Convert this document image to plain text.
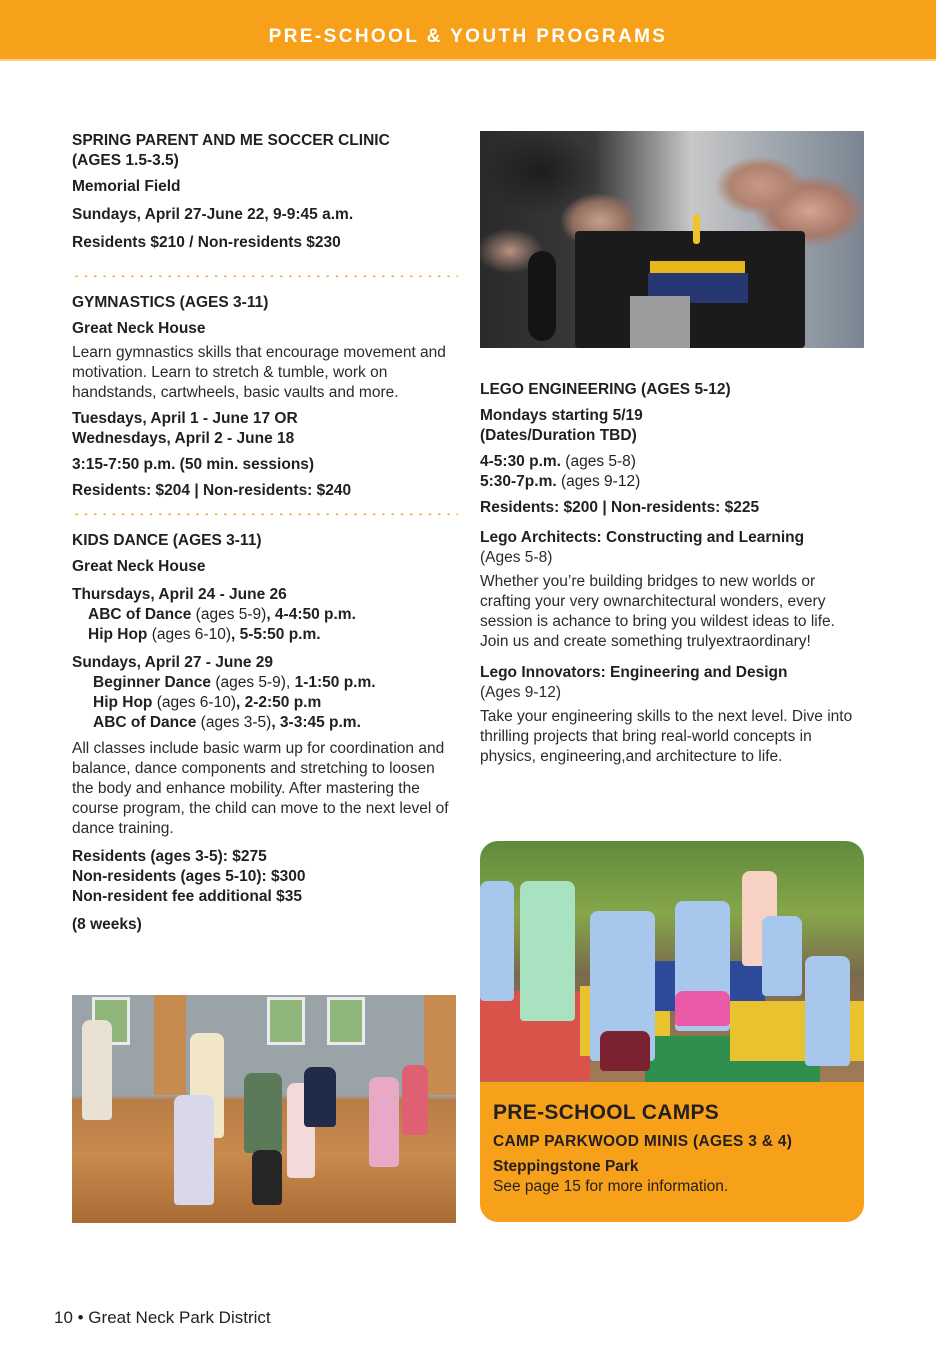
PRE-SCHOOL & YOUTH PROGRAMS
SPRING PARENT AND ME SOCCER CLINIC
(AGES 1.5-3.5)
Memorial Field
Sundays, April 27-June 22, 9-9:45 a.m.
Residents $210 / Non-residents $230
GYMNASTICS (AGES 3-11)
Great Neck House
Learn gymnastics skills that encourage movement and motivation. Learn to stretch & tumble, work on handstands, cartwheels, basic vaults and more.
Tuesdays, April 1 - June 17 OR
Wednesdays, April 2 - June 18
3:15-7:50 p.m. (50 min. sessions)
Residents: $204 | Non-residents: $240
KIDS DANCE (AGES 3-11)
Great Neck House
Thursdays, April 24 - June 26
ABC of Dance (ages 5-9), 4-4:50 p.m.
Hip Hop (ages 6-10), 5-5:50 p.m.
Sundays, April 27 - June 29
Beginner Dance (ages 5-9), 1-1:50 p.m.
Hip Hop (ages 6-10), 2-2:50 p.m
ABC of Dance (ages 3-5), 3-3:45 p.m.
All classes include basic warm up for coordination and balance, dance components and stretching to loosen the body and enhance mobility. After mastering the course program, the child can move to the next level of dance training.
Residents (ages 3-5): $275
Non-residents (ages 5-10): $300
Non-resident fee additional $35
(8 weeks)
LEGO ENGINEERING (AGES 5-12)
Mondays starting 5/19
(Dates/Duration TBD)
4-5:30 p.m. (ages 5-8)
5:30-7p.m. (ages 9-12)
Residents: $200 | Non-residents: $225
Lego Architects: Constructing and Learning
(Ages 5-8)
Whether you’re building bridges to new worlds or crafting your very ownarchitectural wonders, every session is achance to bring you wildest ideas to life. Join us and create something trulyextraordinary!
Lego Innovators: Engineering and Design
(Ages 9-12)
Take your engineering skills to the next level. Dive into thrilling projects that bring real-world concepts in physics, engineering,and architecture to life.
PRE-SCHOOL CAMPS
CAMP PARKWOOD MINIS (AGES 3 & 4)
Steppingstone Park
See page 15 for more information.
10 • Great Neck Park District
